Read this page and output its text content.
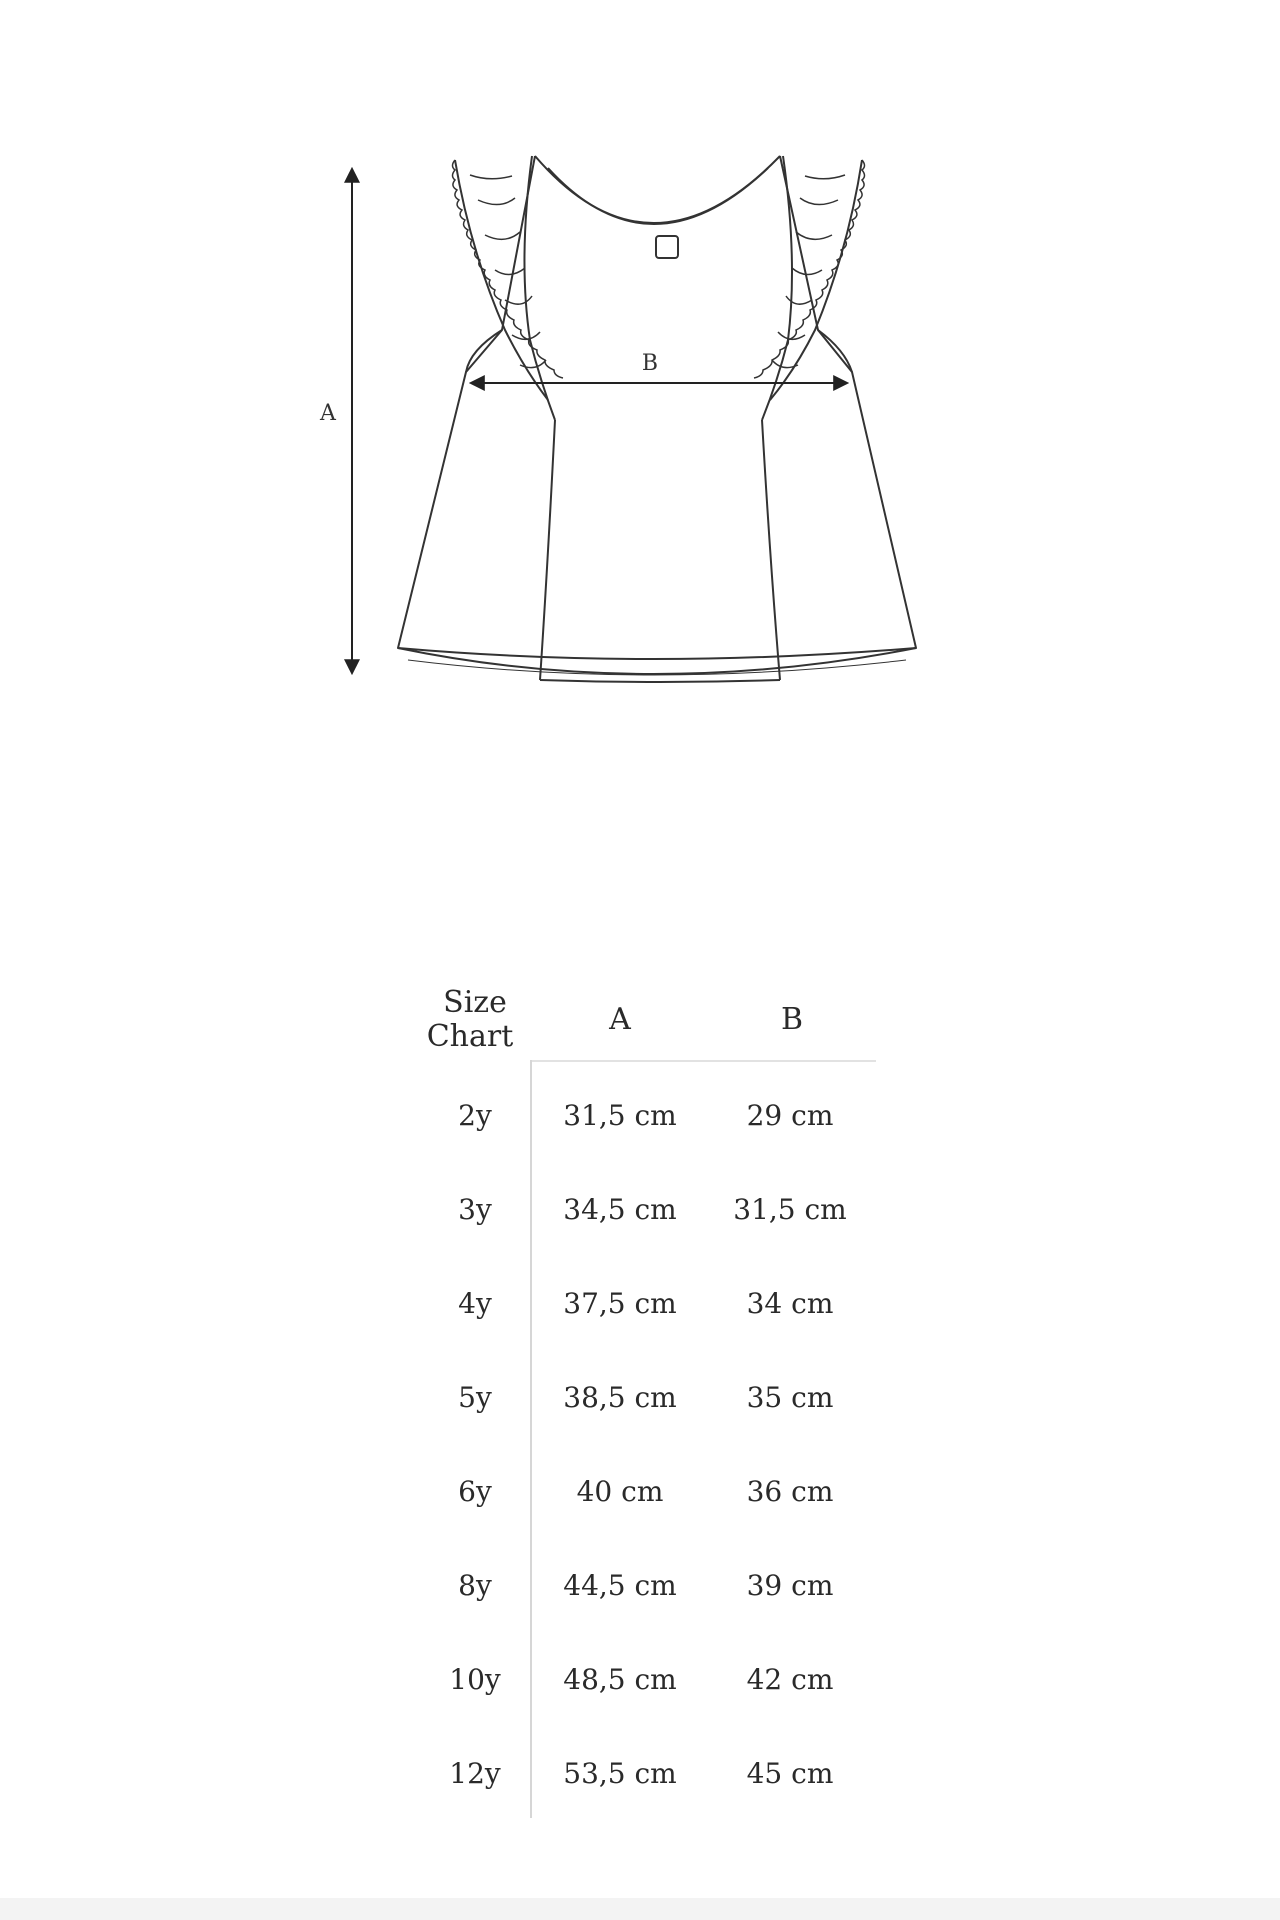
A
B
Size
Chart	A	B
2y	31,5 cm	29 cm
3y	34,5 cm	31,5 cm
4y	37,5 cm	34 cm
5y	38,5 cm	35 cm
6y	40 cm	36 cm
8y	44,5 cm	39 cm
10y	48,5 cm	42 cm
12y	53,5 cm	45 cm
